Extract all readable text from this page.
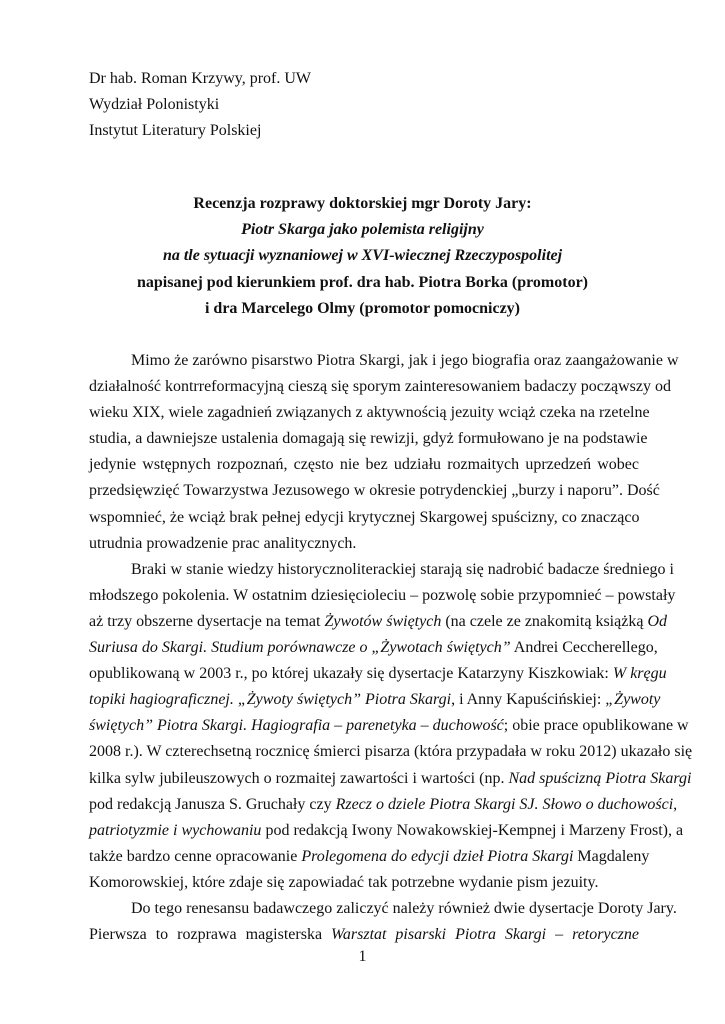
Dr hab. Roman Krzywy, prof. UW
Wydział Polonistyki
Instytut Literatury Polskiej
Recenzja rozprawy doktorskiej mgr Doroty Jary:
Piotr Skarga jako polemista religijny
na tle sytuacji wyznaniowej w XVI-wiecznej Rzeczypospolitej
napisanej pod kierunkiem prof. dra hab. Piotra Borka (promotor)
i dra Marcelego Olmy (promotor pomocniczy)
Mimo że zarówno pisarstwo Piotra Skargi, jak i jego biografia oraz zaangażowanie w
działalność kontrreformacyjną cieszą się sporym zainteresowaniem badaczy począwszy od
wieku XIX, wiele zagadnień związanych z aktywnością jezuity wciąż czeka na rzetelne
studia, a dawniejsze ustalenia domagają się rewizji, gdyż formułowano je na podstawie
jedynie wstępnych rozpoznań, często nie bez udziału rozmaitych uprzedzeń wobec
przedsięwzięć Towarzystwa Jezusowego w okresie potrydenckiej „burzy i naporu”. Dość
wspomnieć, że wciąż brak pełnej edycji krytycznej Skargowej spuścizny, co znacząco
utrudnia prowadzenie prac analitycznych.
Braki w stanie wiedzy historycznoliterackiej starają się nadrobić badacze średniego i
młodszego pokolenia. W ostatnim dziesięcioleciu – pozwolę sobie przypomnieć – powstały
aż trzy obszerne dysertacje na temat Żywotów świętych (na czele ze znakomitą książką Od
Suriusa do Skargi. Studium porównawcze o „Żywotach świętych” Andrei Ceccherellego,
opublikowaną w 2003 r., po której ukazały się dysertacje Katarzyny Kiszkowiak: W kręgu
topiki hagiograficznej. „Żywoty świętych” Piotra Skargi, i Anny Kapuścińskiej: „Żywoty
świętych” Piotra Skargi. Hagiografia – parenetyka – duchowość; obie prace opublikowane w
2008 r.). W czterechsetną rocznicę śmierci pisarza (która przypadała w roku 2012) ukazało się
kilka sylw jubileuszowych o rozmaitej zawartości i wartości (np. Nad spuścizną Piotra Skargi
pod redakcją Janusza S. Gruchały czy Rzecz o dziele Piotra Skargi SJ. Słowo o duchowości,
patriotyzmie i wychowaniu pod redakcją Iwony Nowakowskiej-Kempnej i Marzeny Frost), a
także bardzo cenne opracowanie Prolegomena do edycji dzieł Piotra Skargi Magdaleny
Komorowskiej, które zdaje się zapowiadać tak potrzebne wydanie pism jezuity.
Do tego renesansu badawczego zaliczyć należy również dwie dysertacje Doroty Jary.
Pierwsza to rozprawa magisterska Warsztat pisarski Piotra Skargi – retoryczne
1
